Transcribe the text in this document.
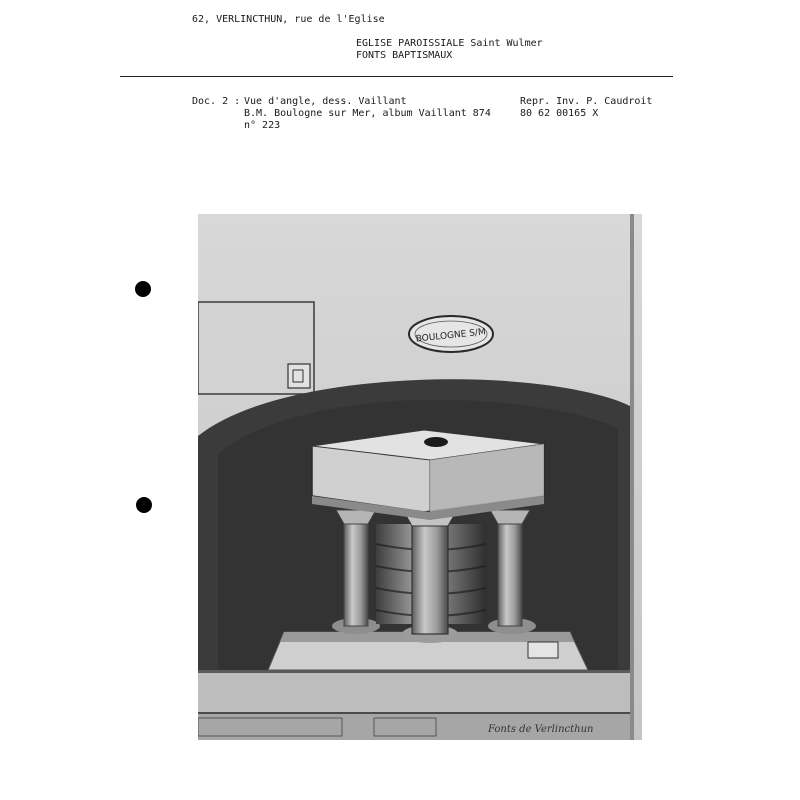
62, VERLINCTHUN, rue de l'Eglise
EGLISE PAROISSIALE Saint Wulmer
FONTS BAPTISMAUX
Doc. 2 : Vue d'angle, dess. Vaillant
B.M. Boulogne sur Mer, album Vaillant 874
n° 223
Repr. Inv. P. Caudroit
80 62 00165 X
BOULOGNE S/M
Fonts de Verlincthun
